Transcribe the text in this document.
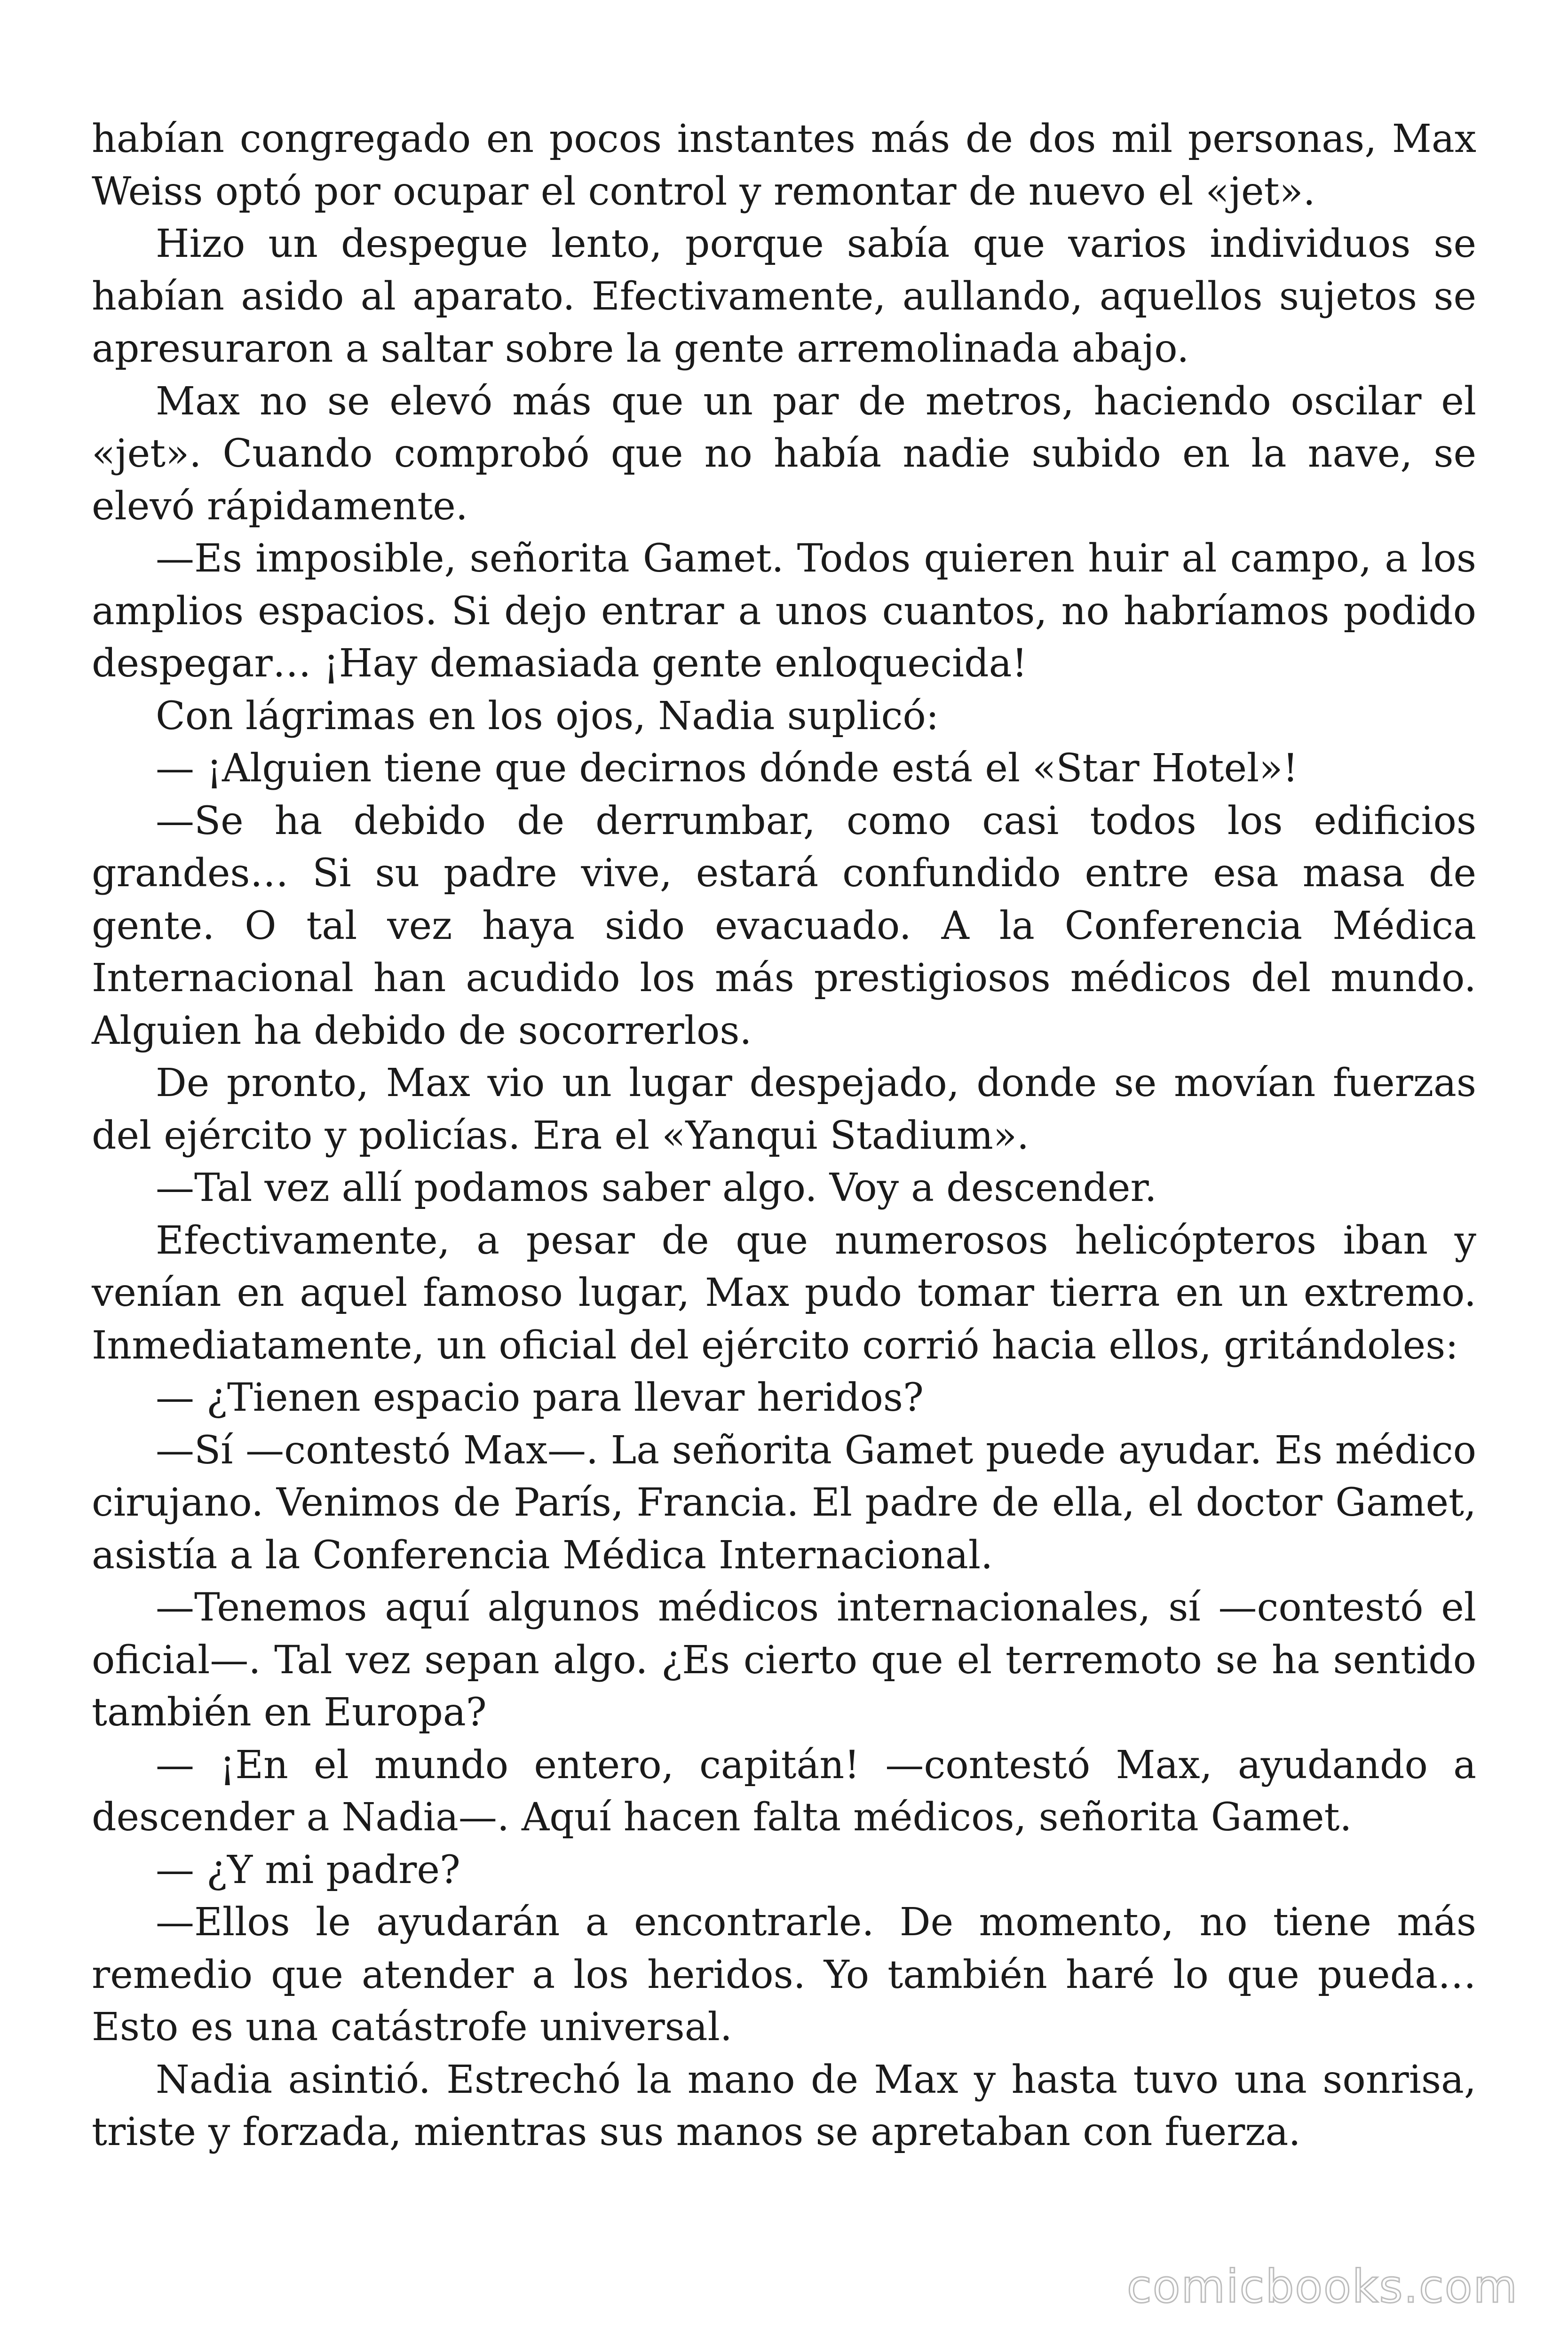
habían congregado en pocos instantes más de dos mil personas, Max Weiss optó por ocupar el control y remontar de nuevo el «jet».

Hizo un despegue lento, porque sabía que varios individuos se habían asido al aparato. Efectivamente, aullando, aquellos sujetos se apresuraron a saltar sobre la gente arremolinada abajo.

Max no se elevó más que un par de metros, haciendo oscilar el «jet». Cuando comprobó que no había nadie subido en la nave, se elevó rápidamente.

—Es imposible, señorita Gamet. Todos quieren huir al campo, a los amplios espacios. Si dejo entrar a unos cuantos, no habríamos podido despegar… ¡Hay demasiada gente enloquecida!

Con lágrimas en los ojos, Nadia suplicó:

— ¡Alguien tiene que decirnos dónde está el «Star Hotel»!

—Se ha debido de derrumbar, como casi todos los edificios grandes… Si su padre vive, estará confundido entre esa masa de gente. O tal vez haya sido evacuado. A la Conferencia Médica Internacional han acudido los más prestigiosos médicos del mundo. Alguien ha debido de socorrerlos.

De pronto, Max vio un lugar despejado, donde se movían fuerzas del ejército y policías. Era el «Yanqui Stadium».

—Tal vez allí podamos saber algo. Voy a descender.

Efectivamente, a pesar de que numerosos helicópteros iban y venían en aquel famoso lugar, Max pudo tomar tierra en un extremo. Inmediatamente, un oficial del ejército corrió hacia ellos, gritándoles:

— ¿Tienen espacio para llevar heridos?

—Sí —contestó Max—. La señorita Gamet puede ayudar. Es médico cirujano. Venimos de París, Francia. El padre de ella, el doctor Gamet, asistía a la Conferencia Médica Internacional.

—Tenemos aquí algunos médicos internacionales, sí —contestó el oficial—. Tal vez sepan algo. ¿Es cierto que el terremoto se ha sentido también en Europa?

— ¡En el mundo entero, capitán! —contestó Max, ayudando a descender a Nadia—. Aquí hacen falta médicos, señorita Gamet.

— ¿Y mi padre?

—Ellos le ayudarán a encontrarle. De momento, no tiene más remedio que atender a los heridos. Yo también haré lo que pueda… Esto es una catástrofe universal.

Nadia asintió. Estrechó la mano de Max y hasta tuvo una sonrisa, triste y forzada, mientras sus manos se apretaban con fuerza.

comicbooks.com
